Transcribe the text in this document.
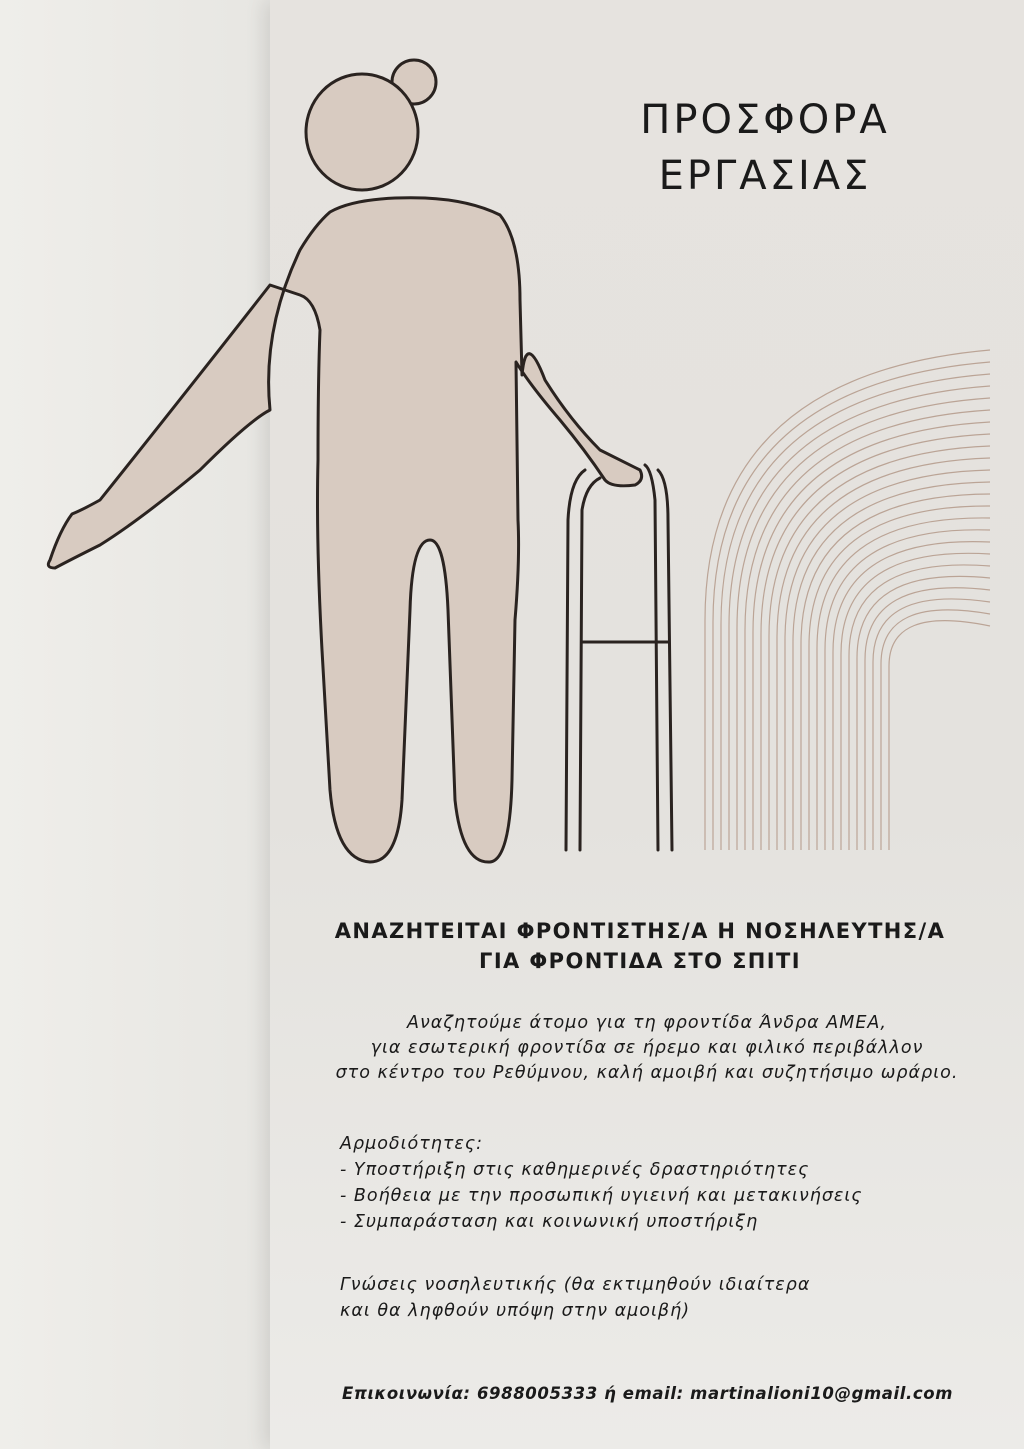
ΠΡΟΣΦΟΡΑ
ΕΡΓΑΣΙΑΣ
ΑΝΑΖΗΤΕΙΤΑΙ ΦΡΟΝΤΙΣΤΗΣ/Α Η ΝΟΣΗΛΕΥΤΗΣ/Α
ΓΙΑ ΦΡΟΝΤΙΔΑ ΣΤΟ ΣΠΙΤΙ
Αναζητούμε άτομο για τη φροντίδα Άνδρα ΑΜΕΑ,
για εσωτερική φροντίδα σε ήρεμο και φιλικό περιβάλλον
στο κέντρο του Ρεθύμνου, καλή αμοιβή και συζητήσιμο ωράριο.
Αρμοδιότητες:
- Υποστήριξη στις καθημερινές δραστηριότητες
- Βοήθεια με την προσωπική υγιεινή και μετακινήσεις
- Συμπαράσταση και κοινωνική υποστήριξη
Γνώσεις νοσηλευτικής (θα εκτιμηθούν ιδιαίτερα
και θα ληφθούν υπόψη στην αμοιβή)
Επικοινωνία: 6988005333 ή email: martinalioni10@gmail.com
